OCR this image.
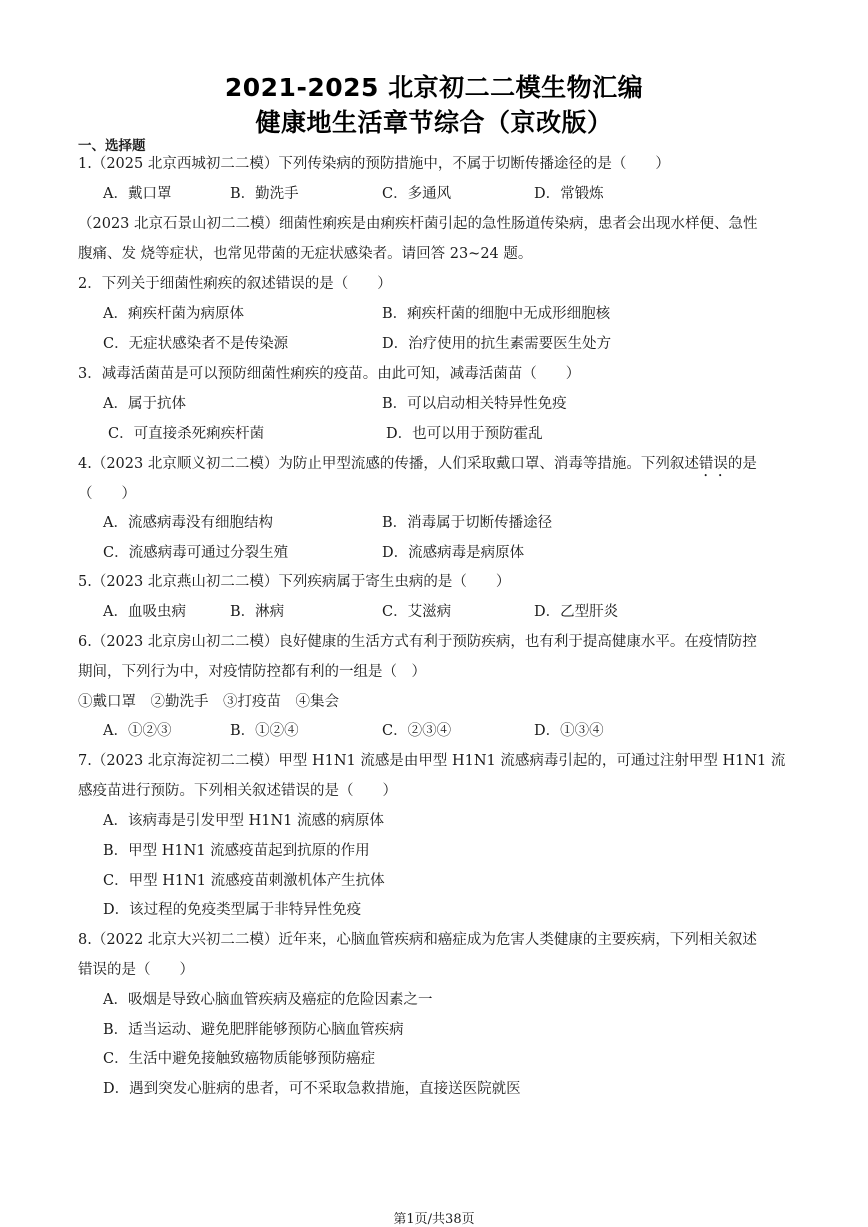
2021-2025 北京初二二模生物汇编
健康地生活章节综合（京改版）
一、选择题
1.（2025 北京西城初二二模）下列传染病的预防措施中，不属于切断传播途径的是（　　）
A．戴口罩	B．勤洗手	C．多通风	D．常锻炼
（2023 北京石景山初二二模）细菌性痢疾是由痢疾杆菌引起的急性肠道传染病，患者会出现水样便、急性
腹痛、发 烧等症状，也常见带菌的无症状感染者。请回答 23~24 题。
2．下列关于细菌性痢疾的叙述错误的是（　　）
A．痢疾杆菌为病原体	B．痢疾杆菌的细胞中无成形细胞核
C．无症状感染者不是传染源	D．治疗使用的抗生素需要医生处方
3．减毒活菌苗是可以预防细菌性痢疾的疫苗。由此可知，减毒活菌苗（　　）
A．属于抗体	B．可以启动相关特异性免疫
C．可直接杀死痢疾杆菌	D．也可以用于预防霍乱
4.（2023 北京顺义初二二模）为防止甲型流感的传播，人们采取戴口罩、消毒等措施。下列叙述错误的是
（　　）
A．流感病毒没有细胞结构	B．消毒属于切断传播途径
C．流感病毒可通过分裂生殖	D．流感病毒是病原体
5.（2023 北京燕山初二二模）下列疾病属于寄生虫病的是（　　）
A．血吸虫病	B．淋病	C．艾滋病	D．乙型肝炎
6.（2023 北京房山初二二模）良好健康的生活方式有利于预防疾病，也有利于提高健康水平。在疫情防控
期间，下列行为中，对疫情防控都有利的一组是（　）
①戴口罩　②勤洗手　③打疫苗　④集会
A．①②③	B．①②④	C．②③④	D．①③④
7.（2023 北京海淀初二二模）甲型 H1N1 流感是由甲型 H1N1 流感病毒引起的，可通过注射甲型 H1N1 流
感疫苗进行预防。下列相关叙述错误的是（　　）
A．该病毒是引发甲型 H1N1 流感的病原体
B．甲型 H1N1 流感疫苗起到抗原的作用
C．甲型 H1N1 流感疫苗刺激机体产生抗体
D．该过程的免疫类型属于非特异性免疫
8.（2022 北京大兴初二二模）近年来，心脑血管疾病和癌症成为危害人类健康的主要疾病，下列相关叙述
错误的是（　　）
A．吸烟是导致心脑血管疾病及癌症的危险因素之一
B．适当运动、避免肥胖能够预防心脑血管疾病
C．生活中避免接触致癌物质能够预防癌症
D．遇到突发心脏病的患者，可不采取急救措施，直接送医院就医
第1页/共38页
